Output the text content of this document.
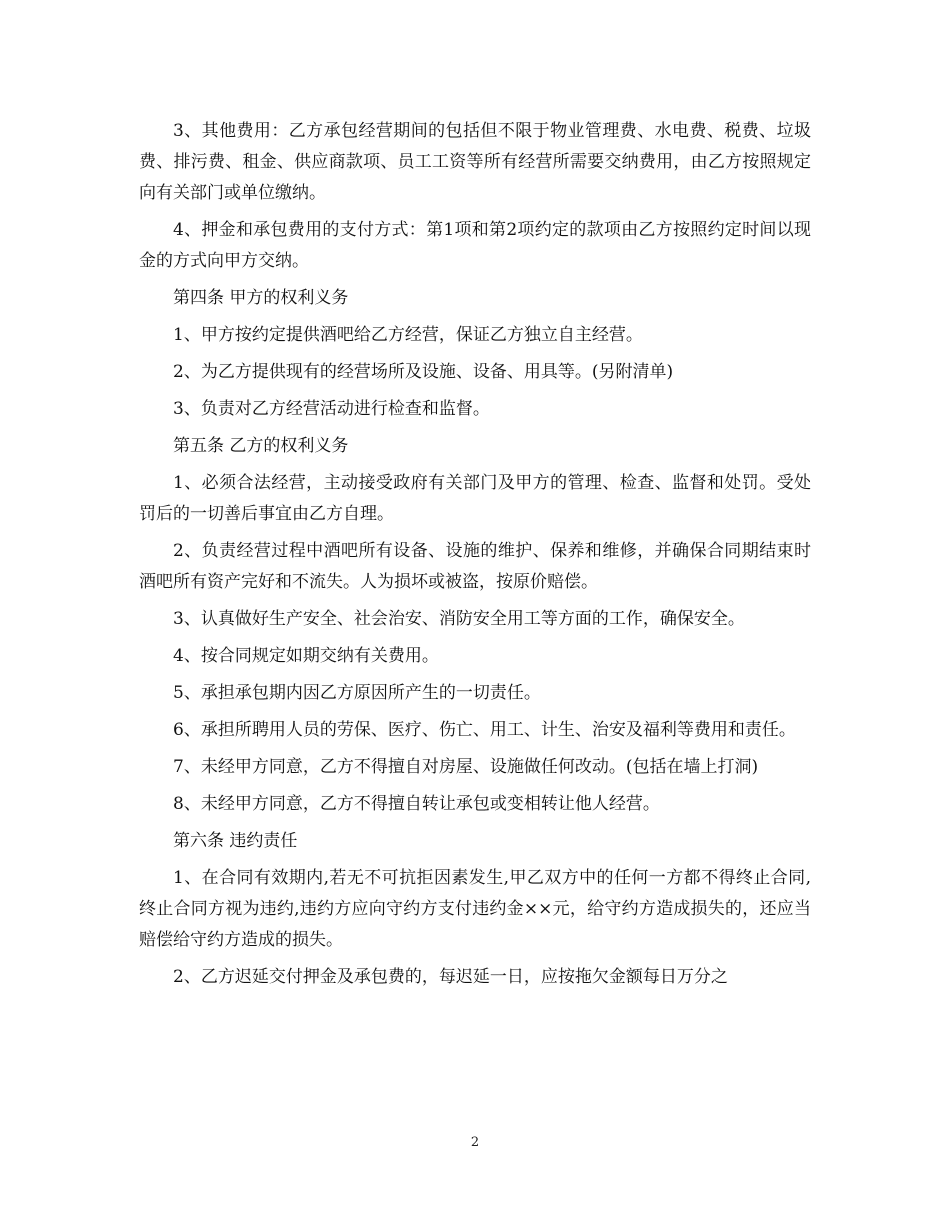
3、其他费用：乙方承包经营期间的包括但不限于物业管理费、水电费、税费、垃圾费、排污费、租金、供应商款项、员工工资等所有经营所需要交纳费用，由乙方按照规定向有关部门或单位缴纳。

4、押金和承包费用的支付方式：第1项和第2项约定的款项由乙方按照约定时间以现金的方式向甲方交纳。

第四条 甲方的权利义务

1、甲方按约定提供酒吧给乙方经营，保证乙方独立自主经营。

2、为乙方提供现有的经营场所及设施、设备、用具等。(另附清单)

3、负责对乙方经营活动进行检查和监督。

第五条 乙方的权利义务

1、必须合法经营，主动接受政府有关部门及甲方的管理、检查、监督和处罚。受处罚后的一切善后事宜由乙方自理。

2、负责经营过程中酒吧所有设备、设施的维护、保养和维修，并确保合同期结束时酒吧所有资产完好和不流失。人为损坏或被盗，按原价赔偿。

3、认真做好生产安全、社会治安、消防安全用工等方面的工作，确保安全。

4、按合同规定如期交纳有关费用。

5、承担承包期内因乙方原因所产生的一切责任。

6、承担所聘用人员的劳保、医疗、伤亡、用工、计生、治安及福利等费用和责任。

7、未经甲方同意，乙方不得擅自对房屋、设施做任何改动。(包括在墙上打洞)

8、未经甲方同意，乙方不得擅自转让承包或变相转让他人经营。

第六条 违约责任

1、在合同有效期内,若无不可抗拒因素发生,甲乙双方中的任何一方都不得终止合同,终止合同方视为违约,违约方应向守约方支付违约金××元，给守约方造成损失的，还应当赔偿给守约方造成的损失。

2、乙方迟延交付押金及承包费的，每迟延一日，应按拖欠金额每日万分之

2
